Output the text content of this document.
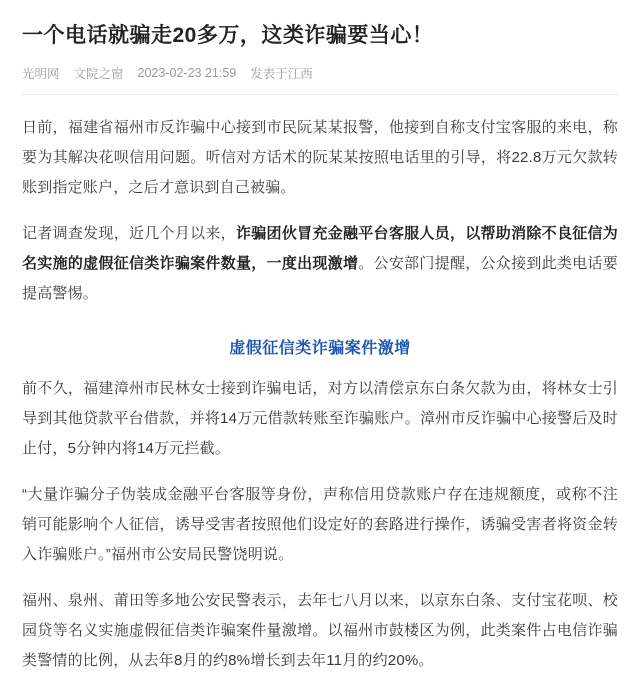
一个电话就骗走20多万，这类诈骗要当心！
光明网 文院之窗 2023-02-23 21:59 发表于江西

日前，福建省福州市反诈骗中心接到市民阮某某报警，他接到自称支付宝客服的来电，称要为其解决花呗信用问题。听信对方话术的阮某某按照电话里的引导，将22.8万元欠款转账到指定账户，之后才意识到自己被骗。

记者调查发现，近几个月以来，诈骗团伙冒充金融平台客服人员，以帮助消除不良征信为名实施的虚假征信类诈骗案件数量，一度出现激增。公安部门提醒，公众接到此类电话要提高警惕。

虚假征信类诈骗案件激增

前不久，福建漳州市民林女士接到诈骗电话，对方以清偿京东白条欠款为由，将林女士引导到其他贷款平台借款，并将14万元借款转账至诈骗账户。漳州市反诈骗中心接警后及时止付，5分钟内将14万元拦截。

“大量诈骗分子伪装成金融平台客服等身份，声称信用贷款账户存在违规额度，或称不注销可能影响个人征信，诱导受害者按照他们设定好的套路进行操作，诱骗受害者将资金转入诈骗账户。”福州市公安局民警饶明说。

福州、泉州、莆田等多地公安民警表示，去年七八月以来，以京东白条、支付宝花呗、校园贷等名义实施虚假征信类诈骗案件量激增。以福州市鼓楼区为例，此类案件占电信诈骗类警情的比例，从去年8月的约8%增长到去年11月的约20%。
